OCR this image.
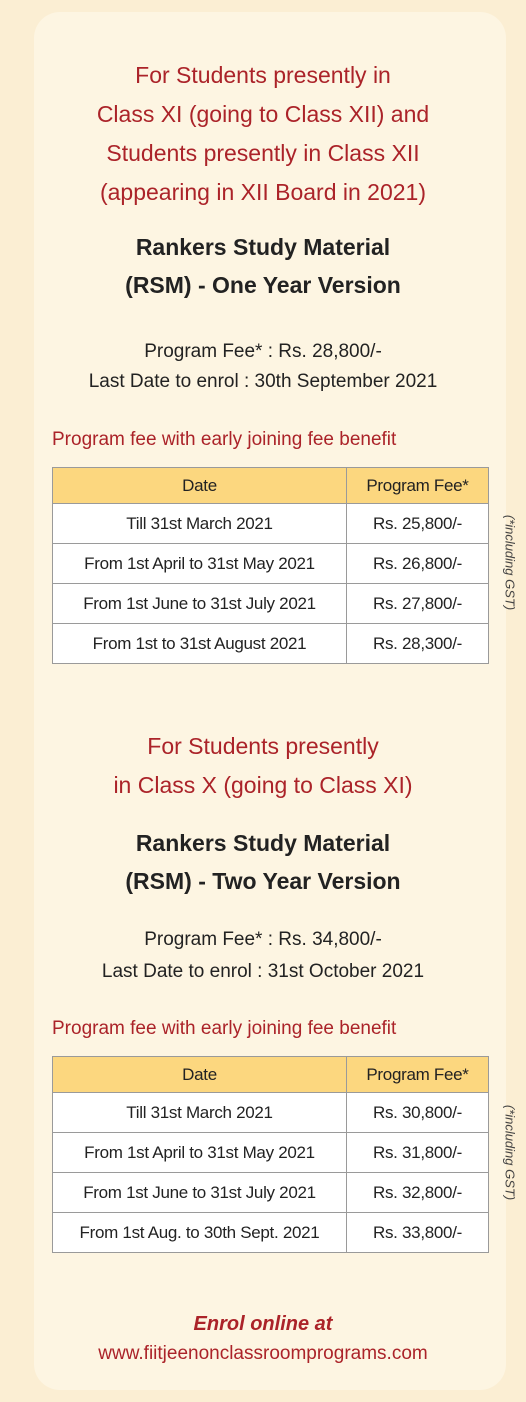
For Students presently in
Class XI (going to Class XII) and
Students presently in Class XII
(appearing in XII Board in 2021)
Rankers Study Material
(RSM) - One Year Version
Program Fee* : Rs. 28,800/-
Last Date to enrol : 30th September 2021
Program fee with early joining fee benefit
Date	Program Fee*
Till 31st March 2021	Rs. 25,800/-
From 1st April to 31st May 2021	Rs. 26,800/-
From 1st June to 31st July 2021	Rs. 27,800/-
From 1st to 31st August 2021	Rs. 28,300/-
(*including GST)
For Students presently
in Class X (going to Class XI)
Rankers Study Material
(RSM) - Two Year Version
Program Fee* : Rs. 34,800/-
Last Date to enrol : 31st October 2021
Program fee with early joining fee benefit
Date	Program Fee*
Till 31st March 2021	Rs. 30,800/-
From 1st April to 31st May 2021	Rs. 31,800/-
From 1st June to 31st July 2021	Rs. 32,800/-
From 1st Aug. to 30th Sept. 2021	Rs. 33,800/-
(*including GST)
Enrol online at
www.fiitjeenonclassroomprograms.com
